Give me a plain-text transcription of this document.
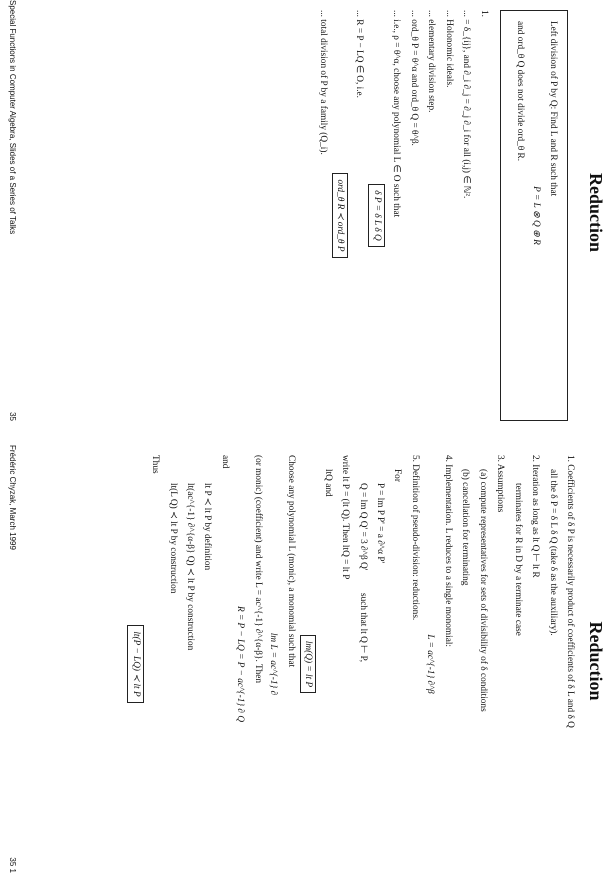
Reduction
Left division of P by Q: Find L and R such that
P = L ⊗ Q ⊕ R
and ord_θ Q does not divide ord_θ R.
1.
... = δ_{ij}, and ∂_i ∂_j = ∂_j ∂_i for all (i,j) ∈ ℕ².
... Holonomic ideals.
... elementary division step.
... ord_θ P = θ^α and ord_θ Q = θ^β.
... i.e., ρ = θ^α, choose any polynomial L ∈ O such that
δ P = δ L δ Q
... R = P − LQ ∈ O, i.e.
ord_θ R ≺ ord_θ P
... total division of P by a family (Q_i).
Special Functions in Computer Algebra, Slides of a Series of Talks
35
Reduction
1. Coefficients of δ P is necessarily product of coefficients of δ L and δ Q
all the δ P = δ L δ Q (take δ as the auxiliary).
2. Iteration as long as lt Q ⊢ lt R
terminates for R in D by a terminate case
3. Assumptions
(a) compute representatives for sets of divisibility of δ conditions
(b) cancellation for terminating
4. Implementation. L reduces to a single monomial:
L = ac^{-1} ∂^β
5. Definition of pseudo-division: reductions.
For
P = lm P P' = a ∂^α P'
Q = lm Q Q' = 3 ∂^β Q'
such that lt Q ⊢ P,
write lt P = (lt Q). Then ltQ = lt P
ltQ and
lm(Q) = lt P
Choose any polynomial L (monic), a monomial such that
lm L = ac^{-1} ∂
(or monic) (coefficient) and write L = ac^{-1} ∂^{α-β}. Then
R = P − LQ = P − ac^{-1} ∂ Q
and
lt P ≺ lt P by definition
lt(ac^{-1} ∂^{α-β} Q) ≺ lt P by construction
lt(L Q) ≺ lt P by construction
Thus
lt(P − LQ) ≺ lt P
Frédéric Chyzak, March 1999
35 1
